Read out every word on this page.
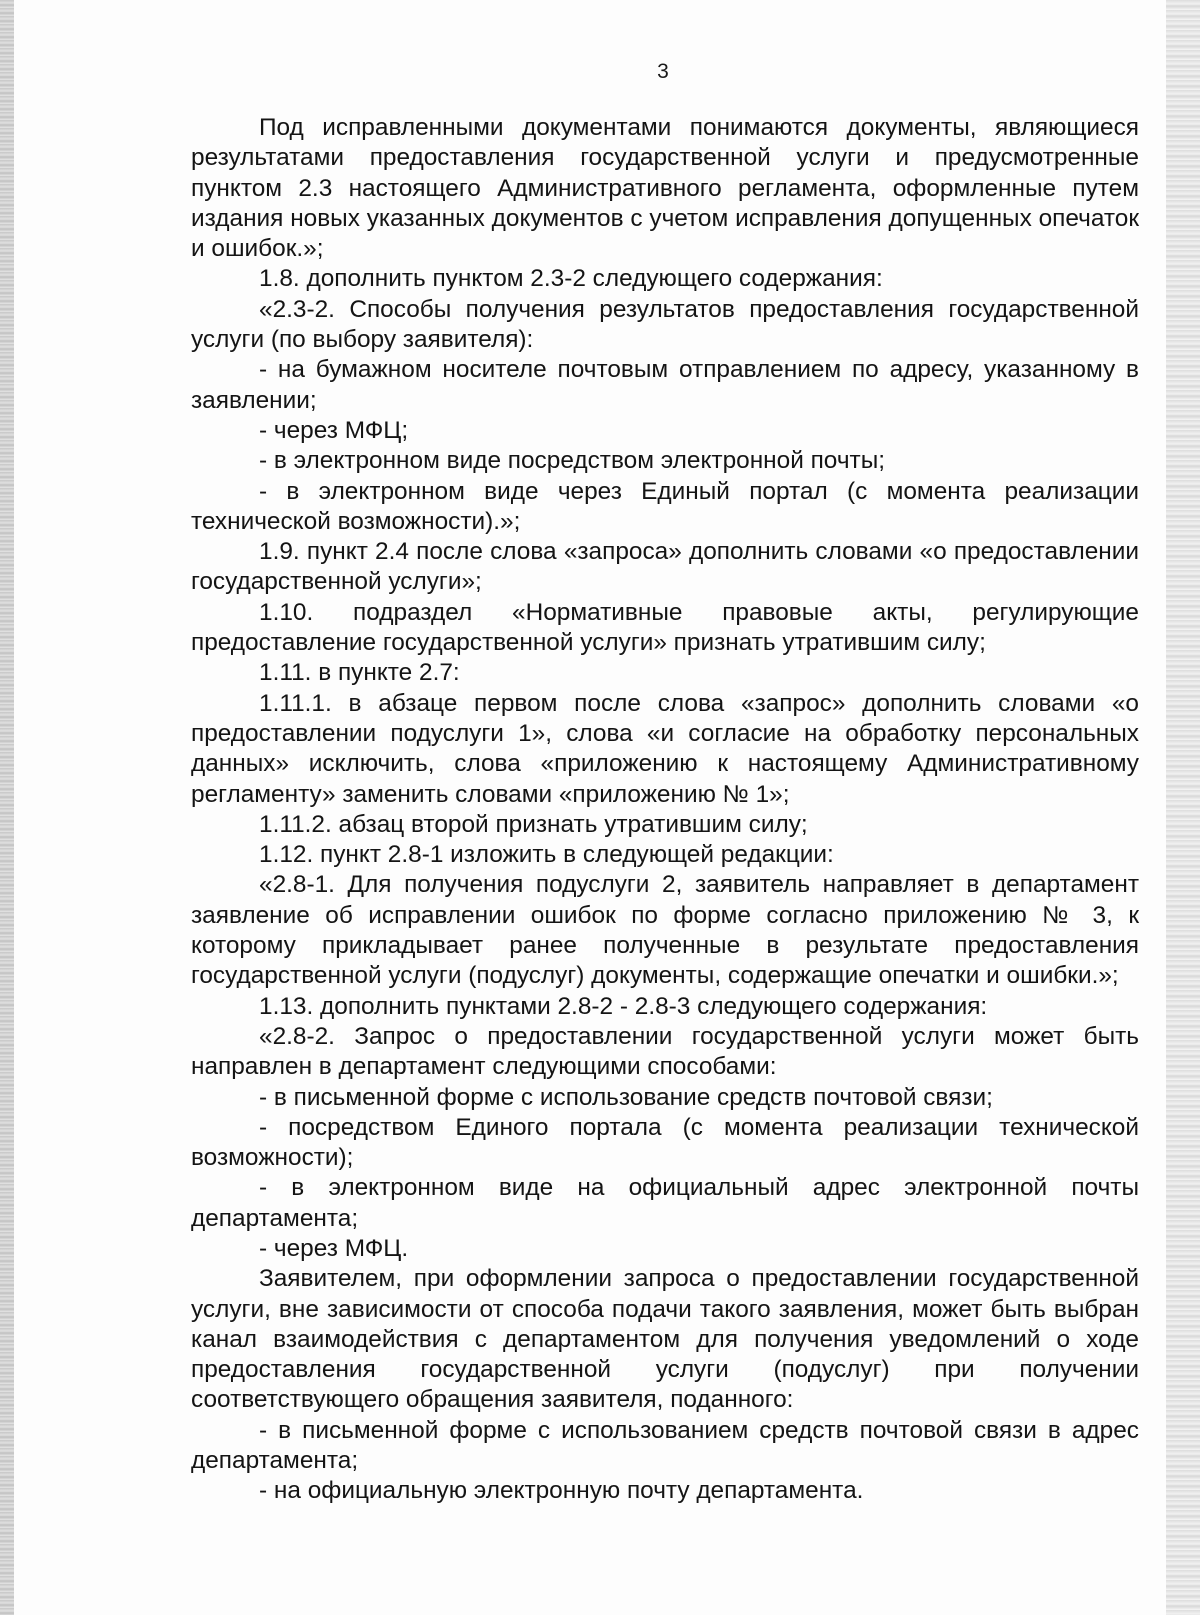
3

Под исправленными документами понимаются документы, являющиеся результатами предоставления государственной услуги и предусмотренные пунктом 2.3 настоящего Административного регламента, оформленные путем издания новых указанных документов с учетом исправления допущенных опечаток и ошибок.»;

1.8. дополнить пунктом 2.3-2 следующего содержания:

«2.3-2. Способы получения результатов предоставления государственной услуги (по выбору заявителя):

- на бумажном носителе почтовым отправлением по адресу, указанному в заявлении;

- через МФЦ;

- в электронном виде посредством электронной почты;

- в электронном виде через Единый портал (с момента реализации технической возможности).»;

1.9. пункт 2.4 после слова «запроса» дополнить словами «о предоставлении государственной услуги»;

1.10. подраздел «Нормативные правовые акты, регулирующие предоставление государственной услуги» признать утратившим силу;

1.11. в пункте 2.7:

1.11.1. в абзаце первом после слова «запрос» дополнить словами «о предоставлении подуслуги 1», слова «и согласие на обработку персональных данных» исключить, слова «приложению к настоящему Административному регламенту» заменить словами «приложению № 1»;

1.11.2. абзац второй признать утратившим силу;

1.12. пункт 2.8-1 изложить в следующей редакции:

«2.8-1. Для получения подуслуги 2, заявитель направляет в департамент заявление об исправлении ошибок по форме согласно приложению № 3, к которому прикладывает ранее полученные в результате предоставления государственной услуги (подуслуг) документы, содержащие опечатки и ошибки.»;

1.13. дополнить пунктами 2.8-2 - 2.8-3 следующего содержания:

«2.8-2. Запрос о предоставлении государственной услуги может быть направлен в департамент следующими способами:

- в письменной форме с использование средств почтовой связи;

- посредством Единого портала (с момента реализации технической возможности);

- в электронном виде на официальный адрес электронной почты департамента;

- через МФЦ.

Заявителем, при оформлении запроса о предоставлении государственной услуги, вне зависимости от способа подачи такого заявления, может быть выбран канал взаимодействия с департаментом для получения уведомлений о ходе предоставления государственной услуги (подуслуг) при получении соответствующего обращения заявителя, поданного:

- в письменной форме с использованием средств почтовой связи в адрес департамента;

- на официальную электронную почту департамента.
